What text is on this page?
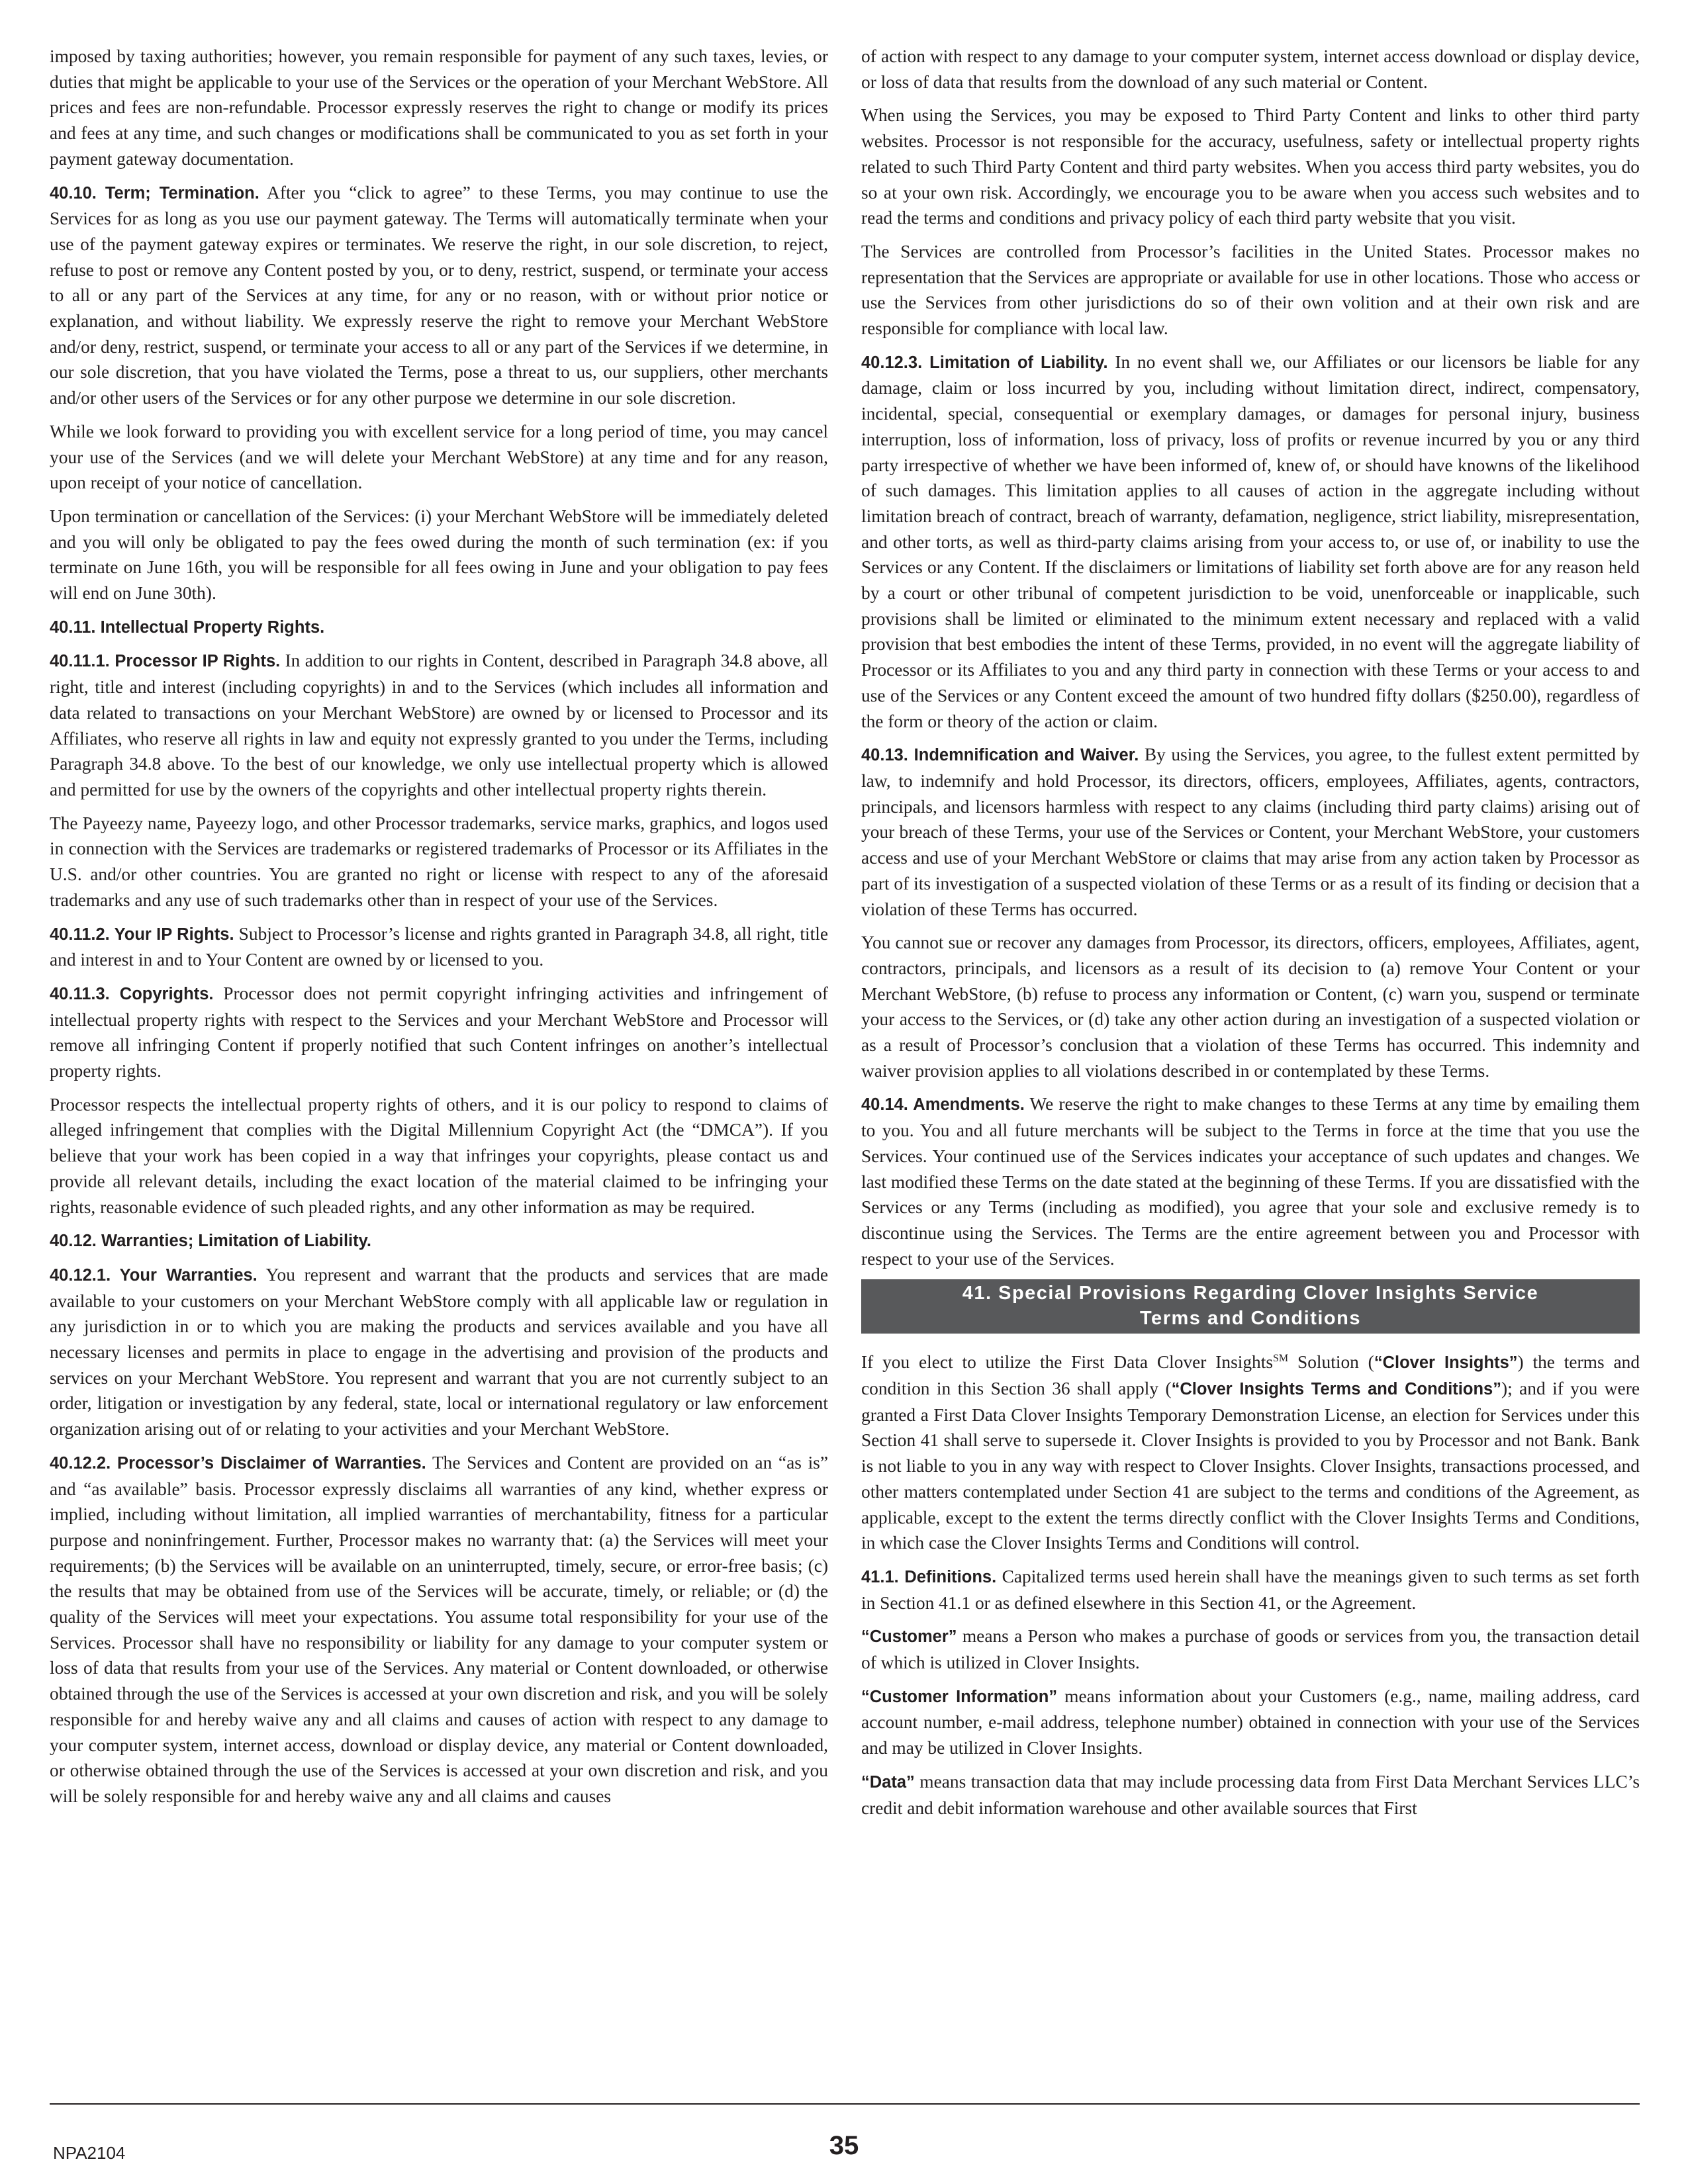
imposed by taxing authorities; however, you remain responsible for payment of any such taxes, levies, or duties that might be applicable to your use of the Services or the operation of your Merchant WebStore. All prices and fees are non-refundable. Processor expressly reserves the right to change or modify its prices and fees at any time, and such changes or modifications shall be communicated to you as set forth in your payment gateway documentation.

40.10. Term; Termination. After you “click to agree” to these Terms, you may continue to use the Services for as long as you use our payment gateway. The Terms will automatically terminate when your use of the payment gateway expires or terminates. We reserve the right, in our sole discretion, to reject, refuse to post or remove any Content posted by you, or to deny, restrict, suspend, or terminate your access to all or any part of the Services at any time, for any or no reason, with or without prior notice or explanation, and without liability. We expressly reserve the right to remove your Merchant WebStore and/or deny, restrict, suspend, or terminate your access to all or any part of the Services if we determine, in our sole discretion, that you have violated the Terms, pose a threat to us, our suppliers, other merchants and/or other users of the Services or for any other purpose we determine in our sole discretion.

While we look forward to providing you with excellent service for a long period of time, you may cancel your use of the Services (and we will delete your Merchant WebStore) at any time and for any reason, upon receipt of your notice of cancellation.

Upon termination or cancellation of the Services: (i) your Merchant WebStore will be immediately deleted and you will only be obligated to pay the fees owed during the month of such termination (ex: if you terminate on June 16th, you will be responsible for all fees owing in June and your obligation to pay fees will end on June 30th).

40.11. Intellectual Property Rights.

40.11.1. Processor IP Rights. In addition to our rights in Content, described in Paragraph 34.8 above, all right, title and interest (including copyrights) in and to the Services (which includes all information and data related to transactions on your Merchant WebStore) are owned by or licensed to Processor and its Affiliates, who reserve all rights in law and equity not expressly granted to you under the Terms, including Paragraph 34.8 above. To the best of our knowledge, we only use intellectual property which is allowed and permitted for use by the owners of the copyrights and other intellectual property rights therein.

The Payeezy name, Payeezy logo, and other Processor trademarks, service marks, graphics, and logos used in connection with the Services are trademarks or registered trademarks of Processor or its Affiliates in the U.S. and/or other countries. You are granted no right or license with respect to any of the aforesaid trademarks and any use of such trademarks other than in respect of your use of the Services.

40.11.2. Your IP Rights. Subject to Processor’s license and rights granted in Paragraph 34.8, all right, title and interest in and to Your Content are owned by or licensed to you.

40.11.3. Copyrights. Processor does not permit copyright infringing activities and infringement of intellectual property rights with respect to the Services and your Merchant WebStore and Processor will remove all infringing Content if properly notified that such Content infringes on another’s intellectual property rights.

Processor respects the intellectual property rights of others, and it is our policy to respond to claims of alleged infringement that complies with the Digital Millennium Copyright Act (the “DMCA”). If you believe that your work has been copied in a way that infringes your copyrights, please contact us and provide all relevant details, including the exact location of the material claimed to be infringing your rights, reasonable evidence of such pleaded rights, and any other information as may be required.

40.12. Warranties; Limitation of Liability.

40.12.1. Your Warranties. You represent and warrant that the products and services that are made available to your customers on your Merchant WebStore comply with all applicable law or regulation in any jurisdiction in or to which you are making the products and services available and you have all necessary licenses and permits in place to engage in the advertising and provision of the products and services on your Merchant WebStore. You represent and warrant that you are not currently subject to an order, litigation or investigation by any federal, state, local or international regulatory or law enforcement organization arising out of or relating to your activities and your Merchant WebStore.

40.12.2. Processor’s Disclaimer of Warranties. The Services and Content are provided on an “as is” and “as available” basis. Processor expressly disclaims all warranties of any kind, whether express or implied, including without limitation, all implied warranties of merchantability, fitness for a particular purpose and noninfringement. Further, Processor makes no warranty that: (a) the Services will meet your requirements; (b) the Services will be available on an uninterrupted, timely, secure, or error-free basis; (c) the results that may be obtained from use of the Services will be accurate, timely, or reliable; or (d) the quality of the Services will meet your expectations. You assume total responsibility for your use of the Services. Processor shall have no responsibility or liability for any damage to your computer system or loss of data that results from your use of the Services. Any material or Content downloaded, or otherwise obtained through the use of the Services is accessed at your own discretion and risk, and you will be solely responsible for and hereby waive any and all claims and causes of action with respect to any damage to your computer system, internet access, download or display device, any material or Content downloaded, or otherwise obtained through the use of the Services is accessed at your own discretion and risk, and you will be solely responsible for and hereby waive any and all claims and causes

of action with respect to any damage to your computer system, internet access download or display device, or loss of data that results from the download of any such material or Content.

When using the Services, you may be exposed to Third Party Content and links to other third party websites. Processor is not responsible for the accuracy, usefulness, safety or intellectual property rights related to such Third Party Content and third party websites. When you access third party websites, you do so at your own risk. Accordingly, we encourage you to be aware when you access such websites and to read the terms and conditions and privacy policy of each third party website that you visit.

The Services are controlled from Processor’s facilities in the United States. Processor makes no representation that the Services are appropriate or available for use in other locations. Those who access or use the Services from other jurisdictions do so of their own volition and at their own risk and are responsible for compliance with local law.

40.12.3. Limitation of Liability. In no event shall we, our Affiliates or our licensors be liable for any damage, claim or loss incurred by you, including without limitation direct, indirect, compensatory, incidental, special, consequential or exemplary damages, or damages for personal injury, business interruption, loss of information, loss of privacy, loss of profits or revenue incurred by you or any third party irrespective of whether we have been informed of, knew of, or should have knowns of the likelihood of such damages. This limitation applies to all causes of action in the aggregate including without limitation breach of contract, breach of warranty, defamation, negligence, strict liability, misrepresentation, and other torts, as well as third-party claims arising from your access to, or use of, or inability to use the Services or any Content. If the disclaimers or limitations of liability set forth above are for any reason held by a court or other tribunal of competent jurisdiction to be void, unenforceable or inapplicable, such provisions shall be limited or eliminated to the minimum extent necessary and replaced with a valid provision that best embodies the intent of these Terms, provided, in no event will the aggregate liability of Processor or its Affiliates to you and any third party in connection with these Terms or your access to and use of the Services or any Content exceed the amount of two hundred fifty dollars ($250.00), regardless of the form or theory of the action or claim.

40.13. Indemnification and Waiver. By using the Services, you agree, to the fullest extent permitted by law, to indemnify and hold Processor, its directors, officers, employees, Affiliates, agents, contractors, principals, and licensors harmless with respect to any claims (including third party claims) arising out of your breach of these Terms, your use of the Services or Content, your Merchant WebStore, your customers access and use of your Merchant WebStore or claims that may arise from any action taken by Processor as part of its investigation of a suspected violation of these Terms or as a result of its finding or decision that a violation of these Terms has occurred.

You cannot sue or recover any damages from Processor, its directors, officers, employees, Affiliates, agent, contractors, principals, and licensors as a result of its decision to (a) remove Your Content or your Merchant WebStore, (b) refuse to process any information or Content, (c) warn you, suspend or terminate your access to the Services, or (d) take any other action during an investigation of a suspected violation or as a result of Processor’s conclusion that a violation of these Terms has occurred. This indemnity and waiver provision applies to all violations described in or contemplated by these Terms.

40.14. Amendments. We reserve the right to make changes to these Terms at any time by emailing them to you. You and all future merchants will be subject to the Terms in force at the time that you use the Services. Your continued use of the Services indicates your acceptance of such updates and changes. We last modified these Terms on the date stated at the beginning of these Terms. If you are dissatisfied with the Services or any Terms (including as modified), you agree that your sole and exclusive remedy is to discontinue using the Services. The Terms are the entire agreement between you and Processor with respect to your use of the Services.

41. Special Provisions Regarding Clover Insights Service
Terms and Conditions

If you elect to utilize the First Data Clover Insights℠ Solution (“Clover Insights”) the terms and condition in this Section 36 shall apply (“Clover Insights Terms and Conditions”); and if you were granted a First Data Clover Insights Temporary Demonstration License, an election for Services under this Section 41 shall serve to supersede it. Clover Insights is provided to you by Processor and not Bank. Bank is not liable to you in any way with respect to Clover Insights. Clover Insights, transactions processed, and other matters contemplated under Section 41 are subject to the terms and conditions of the Agreement, as applicable, except to the extent the terms directly conflict with the Clover Insights Terms and Conditions, in which case the Clover Insights Terms and Conditions will control.

41.1. Definitions. Capitalized terms used herein shall have the meanings given to such terms as set forth in Section 41.1 or as defined elsewhere in this Section 41, or the Agreement.

“Customer” means a Person who makes a purchase of goods or services from you, the transaction detail of which is utilized in Clover Insights.

“Customer Information” means information about your Customers (e.g., name, mailing address, card account number, e-mail address, telephone number) obtained in connection with your use of the Services and may be utilized in Clover Insights.

“Data” means transaction data that may include processing data from First Data Merchant Services LLC’s credit and debit information warehouse and other available sources that First

NPA2104	35
